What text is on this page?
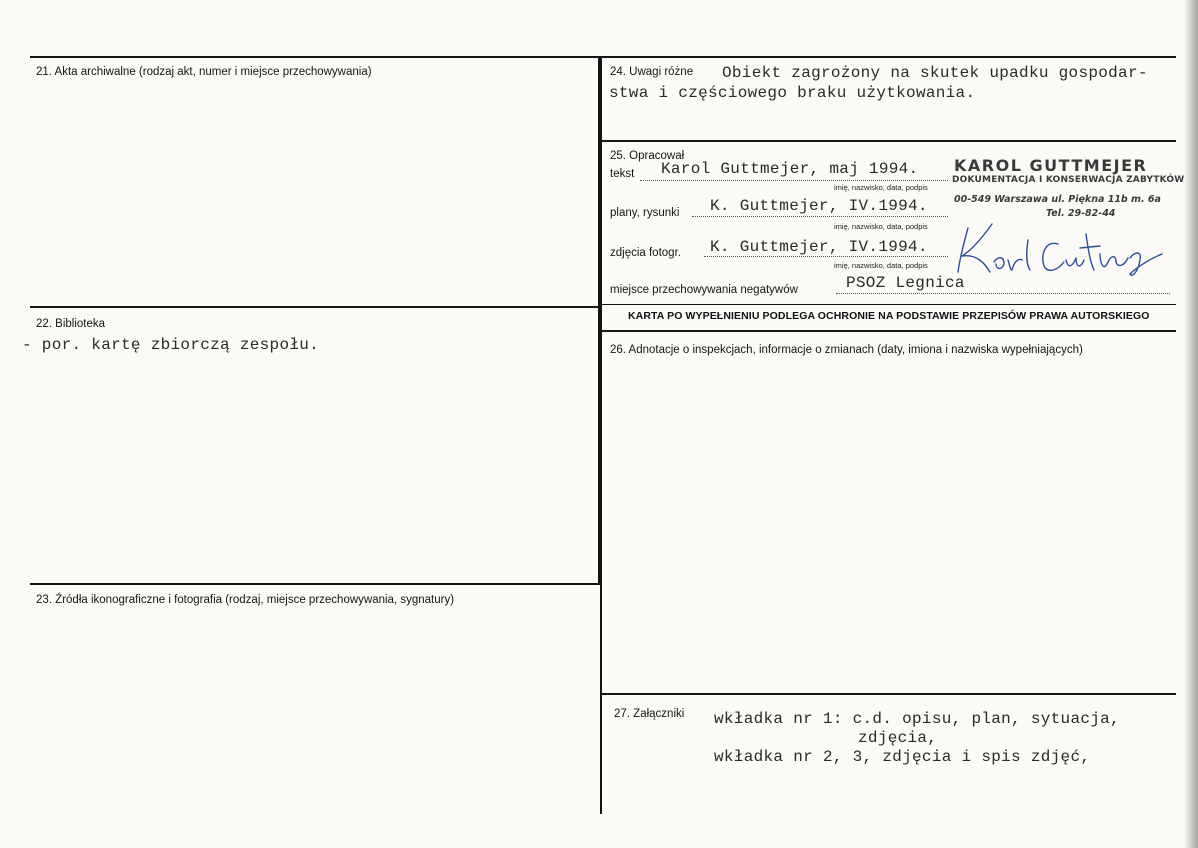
21. Akta archiwalne (rodzaj akt, numer i miejsce przechowywania)
22. Biblioteka
- por. kartę zbiorczą zespołu.
23. Źródła ikonograficzne i fotografia (rodzaj, miejsce przechowywania, sygnatury)
24. Uwagi różne Obiekt zagrożony na skutek upadku gospodar-
stwa i częściowego braku użytkowania.
25. Opracował
tekst Karol Guttmejer, maj 1994.
imię, nazwisko, data, podpis
plany, rysunki K. Guttmejer, IV.1994.
imię, nazwisko, data, podpis
zdjęcia fotogr. K. Guttmejer, IV.1994.
imię, nazwisko, data, podpis
miejsce przechowywania negatywów	PSOZ Legnica
KAROL GUTTMEJER
DOKUMENTACJA I KONSERWACJA ZABYTKÓW
00-549 Warszawa ul. Piękna 11b m. 6a
Tel. 29-82-44
KARTA PO WYPEŁNIENIU PODLEGA OCHRONIE NA PODSTAWIE PRZEPISÓW PRAWA AUTORSKIEGO
26. Adnotacje o inspekcjach, informacje o zmianach (daty, imiona i nazwiska wypełniających)
27. Załączniki wkładka nr 1: c.d. opisu, plan, sytuacja,
zdjęcia,
wkładka nr 2, 3, zdjęcia i spis zdjęć,
